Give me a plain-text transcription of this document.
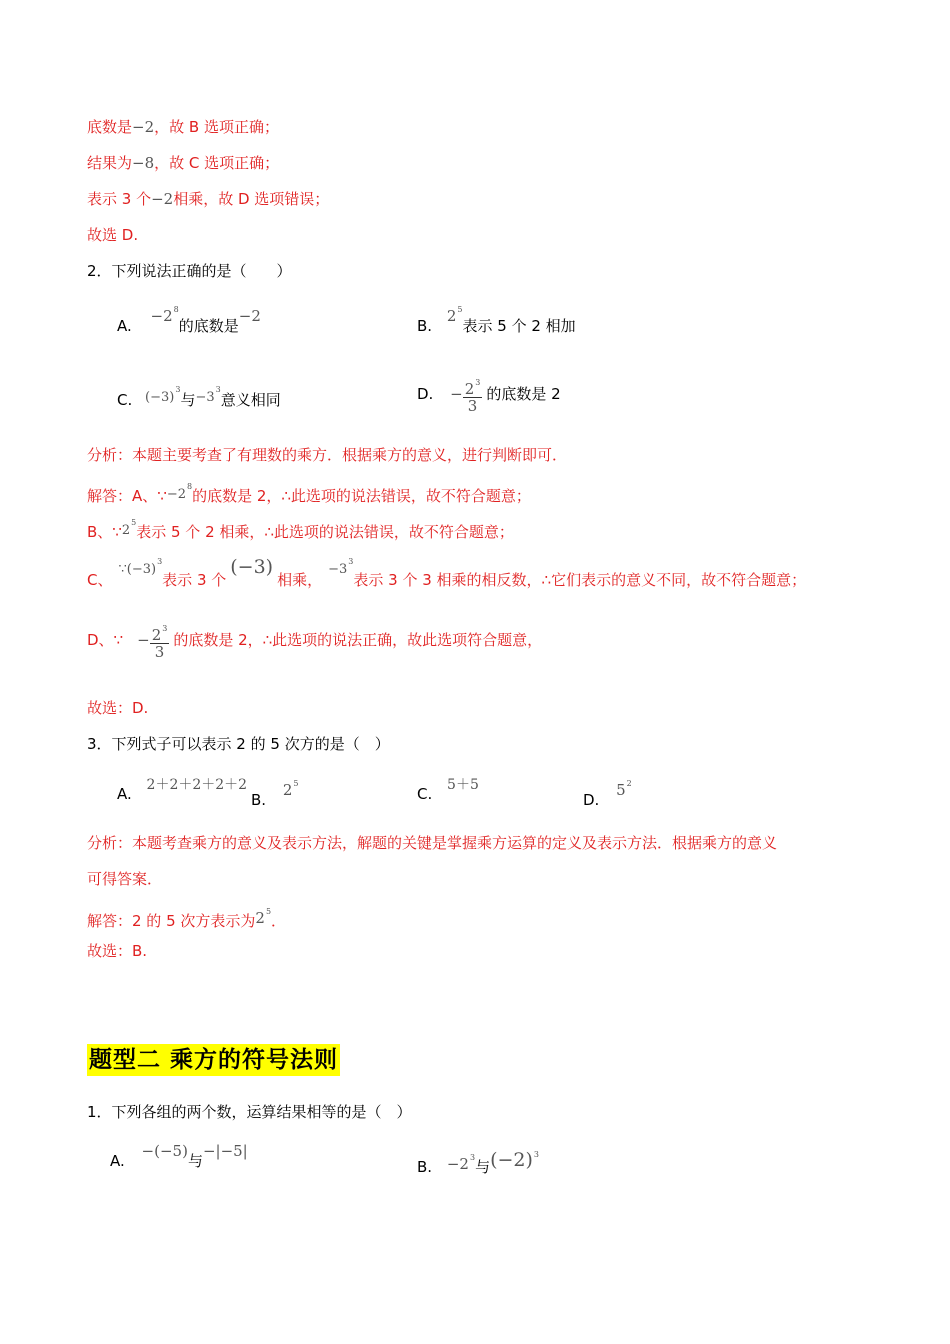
底数是−2，故 B 选项正确；
结果为−8，故 C 选项正确；
表示 3 个−2相乘，故 D 选项错误；
故选 D.
2．下列说法正确的是（　　）
A. $-2^8$的底数是−2
B. $2^5$表示 5 个 2 相加
C. $(-3)^3$与$-3^3$意义相同	D. − $\frac{2^3}{3}$ 的底数是 2
分析：本题主要考查了有理数的乘方．根据乘方的意义，进行判断即可．
解答：A、$\because-2^8$的底数是 2，∴此选项的说法错误，故不符合题意；
B、$\because 2^5$表示 5 个 2 相乘，∴此选项的说法错误，故不符合题意；
C、$\because(-3)^3$表示 3 个(−3)相乘，$-3^3$表示 3 个 3 相乘的相反数，∴它们表示的意义不同，故不符合题意；
D、∵ − $\frac{2^3}{3}$ 的底数是 2，∴此选项的说法正确，故此选项符合题意，
故选：D.
3．下列式子可以表示 2 的 5 次方的是（　）
A. 2＋2＋2＋2＋2
B. $2^5$
C. 5＋5
D. $5^2$
分析：本题考查乘方的意义及表示方法，解题的关键是掌握乘方运算的定义及表示方法．根据乘方的意义
可得答案．
解答：2 的 5 次方表示为$2^5$．
故选：B.
题型二 乘方的符号法则
1．下列各组的两个数，运算结果相等的是（　）
A. −(−5)与−|−5|
B. $-2^3$与$(-2)^3$
